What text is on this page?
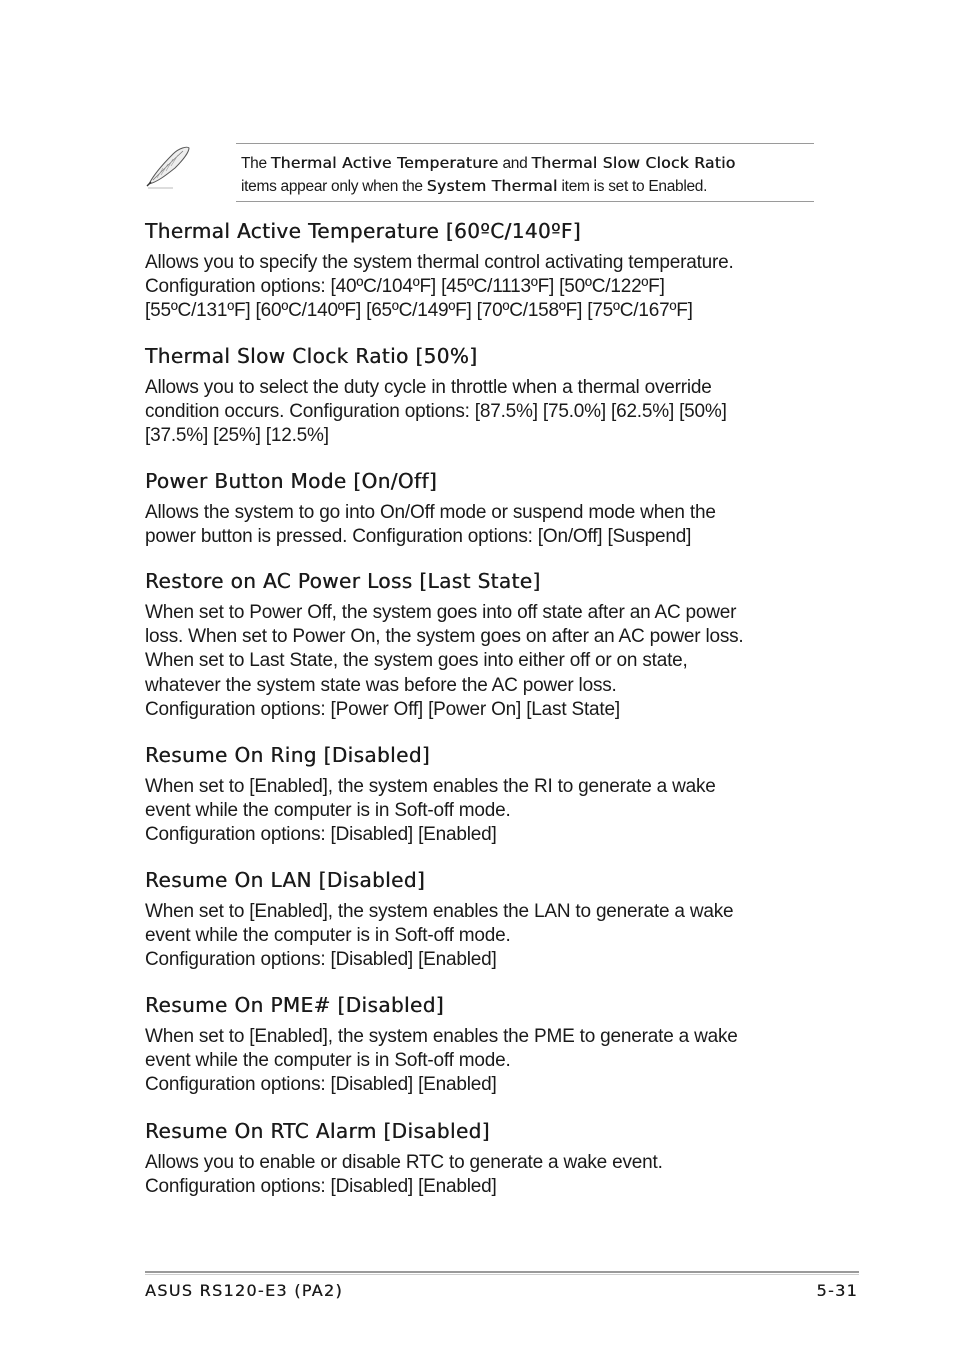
The Thermal Active Temperature and Thermal Slow Clock Ratio
items appear only when the System Thermal item is set to Enabled.
Thermal Active Temperature [60ºC/140ºF]

Allows you to specify the system thermal control activating temperature.
Configuration options: [40ºC/104ºF] [45ºC/1113ºF] [50ºC/122ºF]
[55ºC/131ºF] [60ºC/140ºF] [65ºC/149ºF] [70ºC/158ºF] [75ºC/167ºF]

Thermal Slow Clock Ratio [50%]

Allows you to select the duty cycle in throttle when a thermal override
condition occurs. Configuration options: [87.5%] [75.0%] [62.5%] [50%]
[37.5%] [25%] [12.5%]

Power Button Mode [On/Off]

Allows the system to go into On/Off mode or suspend mode when the
power button is pressed. Configuration options: [On/Off] [Suspend]

Restore on AC Power Loss [Last State]

When set to Power Off, the system goes into off state after an AC power
loss. When set to Power On, the system goes on after an AC power loss.
When set to Last State, the system goes into either off or on state,
whatever the system state was before the AC power loss.
Configuration options: [Power Off] [Power On] [Last State]

Resume On Ring [Disabled]

When set to [Enabled], the system enables the RI to generate a wake
event while the computer is in Soft-off mode.
Configuration options: [Disabled] [Enabled]

Resume On LAN [Disabled]

When set to [Enabled], the system enables the LAN to generate a wake
event while the computer is in Soft-off mode.
Configuration options: [Disabled] [Enabled]

Resume On PME# [Disabled]

When set to [Enabled], the system enables the PME to generate a wake
event while the computer is in Soft-off mode.
Configuration options: [Disabled] [Enabled]

Resume On RTC Alarm [Disabled]

Allows you to enable or disable RTC to generate a wake event.
Configuration options: [Disabled] [Enabled]

ASUS RS120-E3 (PA2)	5-31
